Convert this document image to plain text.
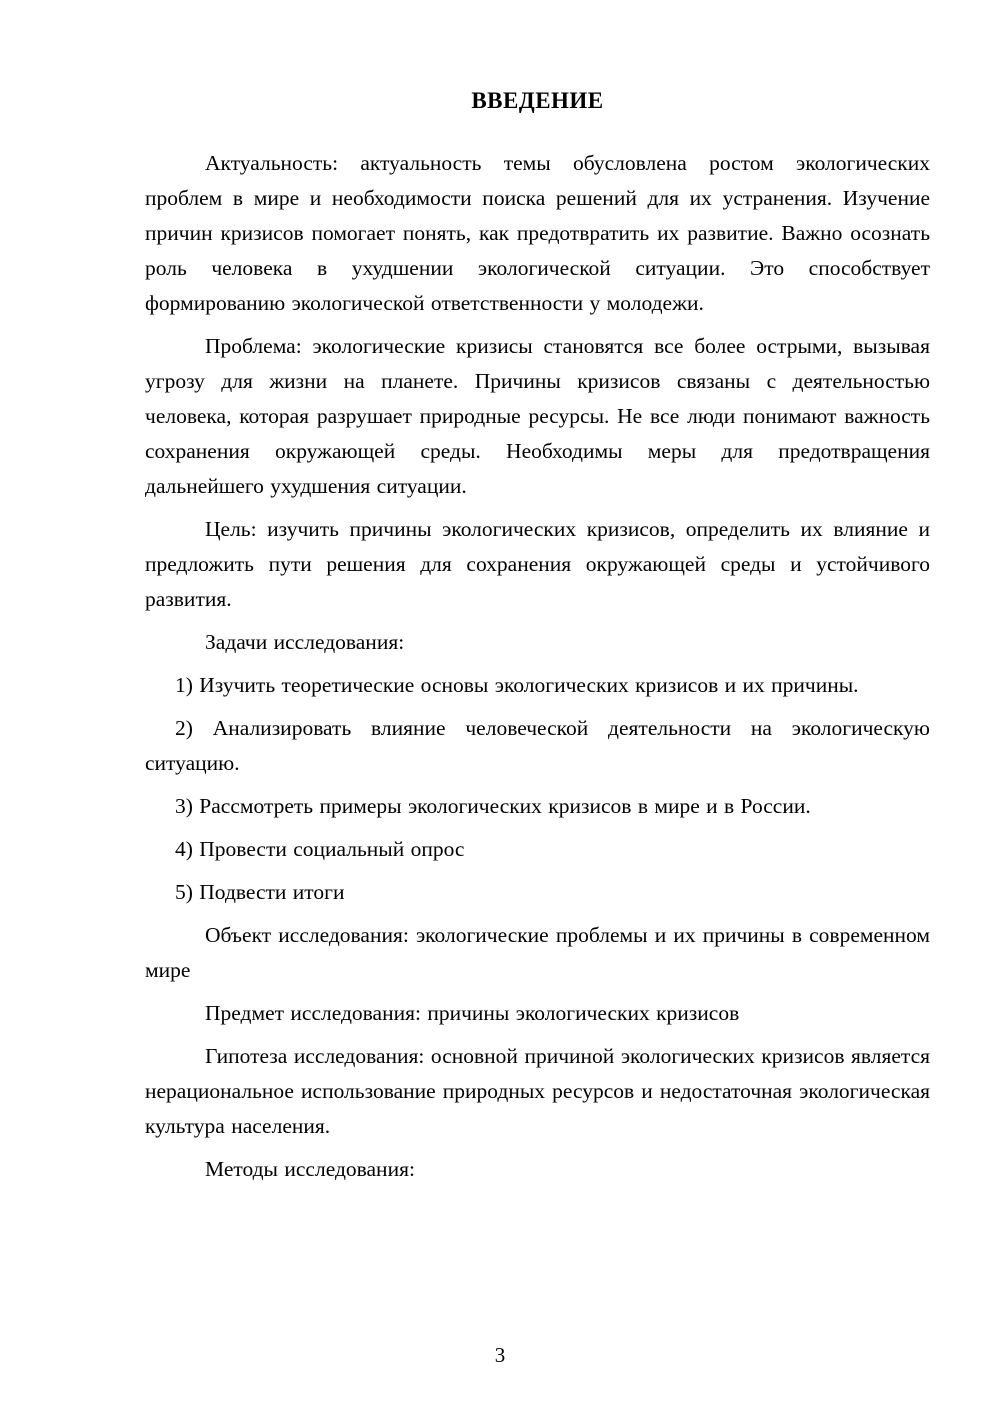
ВВЕДЕНИЕ

Актуальность: актуальность темы обусловлена ростом экологических проблем в мире и необходимости поиска решений для их устранения. Изучение причин кризисов помогает понять, как предотвратить их развитие. Важно осознать роль человека в ухудшении экологической ситуации. Это способствует формированию экологической ответственности у молодежи.

Проблема: экологические кризисы становятся все более острыми, вызывая угрозу для жизни на планете. Причины кризисов связаны с деятельностью человека, которая разрушает природные ресурсы. Не все люди понимают важность сохранения окружающей среды. Необходимы меры для предотвращения дальнейшего ухудшения ситуации.

Цель: изучить причины экологических кризисов, определить их влияние и предложить пути решения для сохранения окружающей среды и устойчивого развития.

Задачи исследования:

1) Изучить теоретические основы экологических кризисов и их причины.

2) Анализировать влияние человеческой деятельности на экологическую ситуацию.

3) Рассмотреть примеры экологических кризисов в мире и в России.

4) Провести социальный опрос

5) Подвести итоги

Объект исследования: экологические проблемы и их причины в современном мире

Предмет исследования: причины экологических кризисов

Гипотеза исследования: основной причиной экологических кризисов является нерациональное использование природных ресурсов и недостаточная экологическая культура населения.

Методы исследования:

3
